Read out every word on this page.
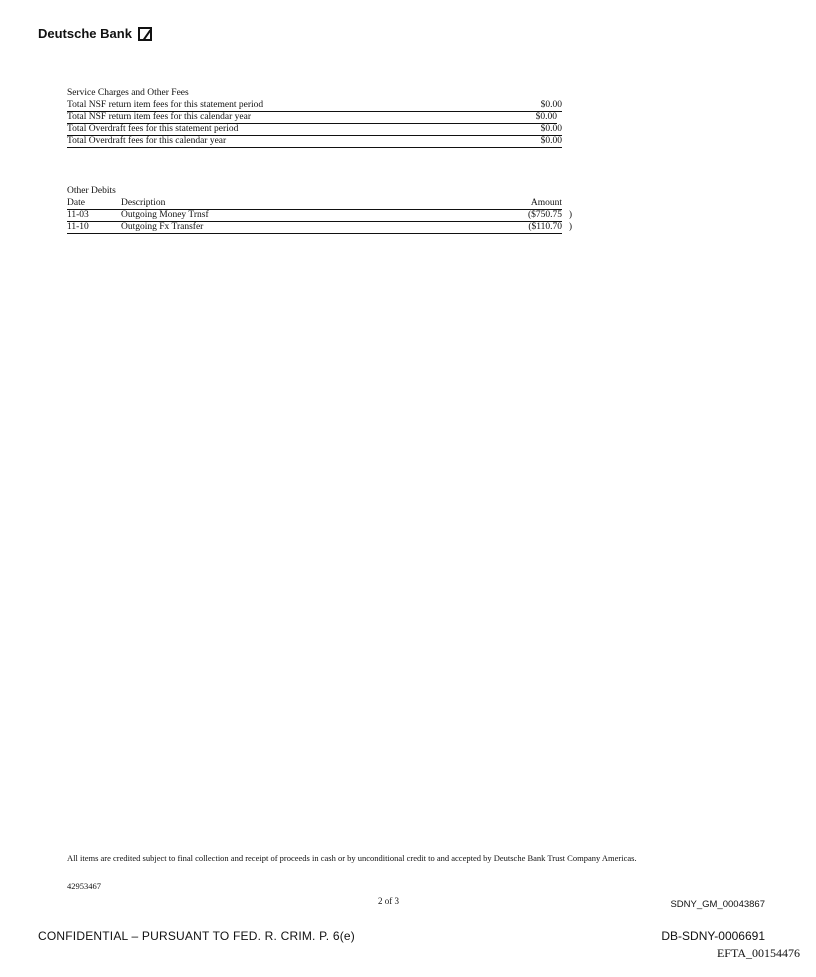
Deutsche Bank
Service Charges and Other Fees
Total NSF return item fees for this statement period	$0.00
Total NSF return item fees for this calendar year	$0.00
Total Overdraft fees for this statement period	$0.00
Total Overdraft fees for this calendar year	$0.00
Other Debits
Date	Description	Amount
11-03	Outgoing Money Trnsf	($750.75 )
11-10	Outgoing Fx Transfer	($110.70 )
All items are credited subject to final collection and receipt of proceeds in cash or by unconditional credit to and accepted by Deutsche Bank Trust Company Americas.
42953467
2 of 3	SDNY_GM_00043867
CONFIDENTIAL – PURSUANT TO FED. R. CRIM. P. 6(e)	DB-SDNY-0006691
EFTA_00154476
